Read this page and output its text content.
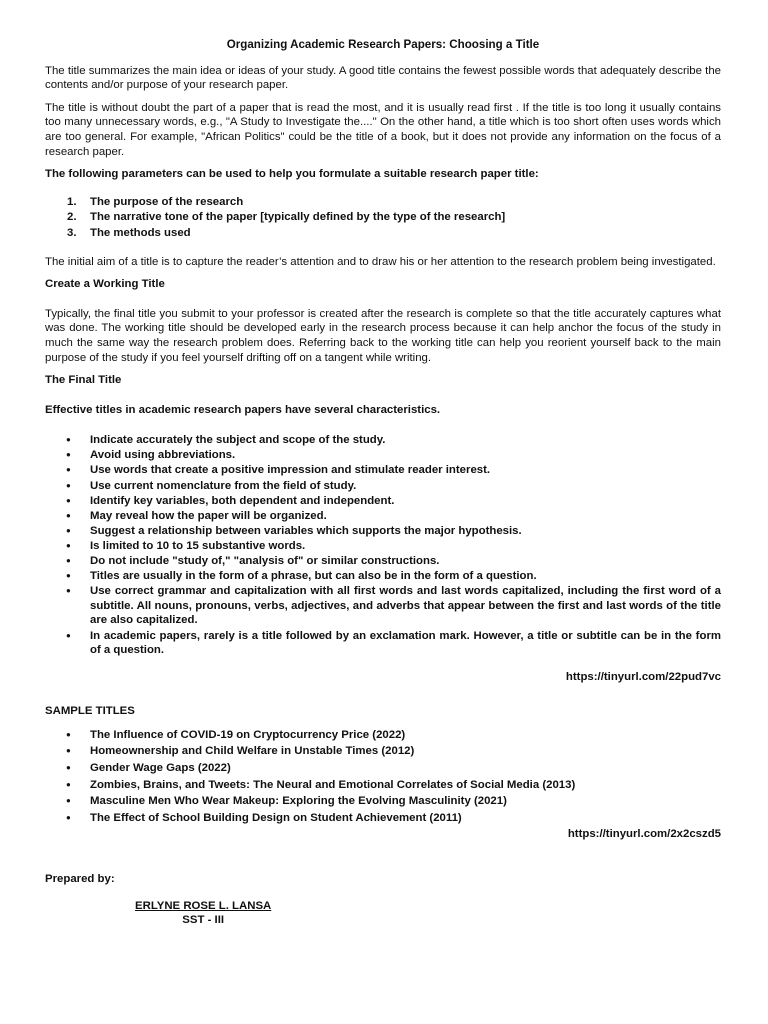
Organizing Academic Research Papers: Choosing a Title

The title summarizes the main idea or ideas of your study. A good title contains the fewest possible words that adequately describe the contents and/or purpose of your research paper.

The title is without doubt the part of a paper that is read the most, and it is usually read first . If the title is too long it usually contains too many unnecessary words, e.g., "A Study to Investigate the...." On the other hand, a title which is too short often uses words which are too general. For example, "African Politics" could be the title of a book, but it does not provide any information on the focus of a research paper.

The following parameters can be used to help you formulate a suitable research paper title:

1. The purpose of the research
2. The narrative tone of the paper [typically defined by the type of the research]
3. The methods used

The initial aim of a title is to capture the reader’s attention and to draw his or her attention to the research problem being investigated.

Create a Working Title

Typically, the final title you submit to your professor is created after the research is complete so that the title accurately captures what was done. The working title should be developed early in the research process because it can help anchor the focus of the study in much the same way the research problem does. Referring back to the working title can help you reorient yourself back to the main purpose of the study if you feel yourself drifting off on a tangent while writing.

The Final Title

Effective titles in academic research papers have several characteristics.

● Indicate accurately the subject and scope of the study.
● Avoid using abbreviations.
● Use words that create a positive impression and stimulate reader interest.
● Use current nomenclature from the field of study.
● Identify key variables, both dependent and independent.
● May reveal how the paper will be organized.
● Suggest a relationship between variables which supports the major hypothesis.
● Is limited to 10 to 15 substantive words.
● Do not include "study of," "analysis of" or similar constructions.
● Titles are usually in the form of a phrase, but can also be in the form of a question.
● Use correct grammar and capitalization with all first words and last words capitalized, including the first word of a subtitle. All nouns, pronouns, verbs, adjectives, and adverbs that appear between the first and last words of the title are also capitalized.
● In academic papers, rarely is a title followed by an exclamation mark. However, a title or subtitle can be in the form of a question.
https://tinyurl.com/22pud7vc
SAMPLE TITLES
● The Influence of COVID-19 on Cryptocurrency Price (2022)
● Homeownership and Child Welfare in Unstable Times (2012)
● Gender Wage Gaps (2022)
● Zombies, Brains, and Tweets: The Neural and Emotional Correlates of Social Media (2013)
● Masculine Men Who Wear Makeup: Exploring the Evolving Masculinity (2021)
● The Effect of School Building Design on Student Achievement (2011)
https://tinyurl.com/2x2cszd5
Prepared by:
ERLYNE ROSE L. LANSA
SST - III
